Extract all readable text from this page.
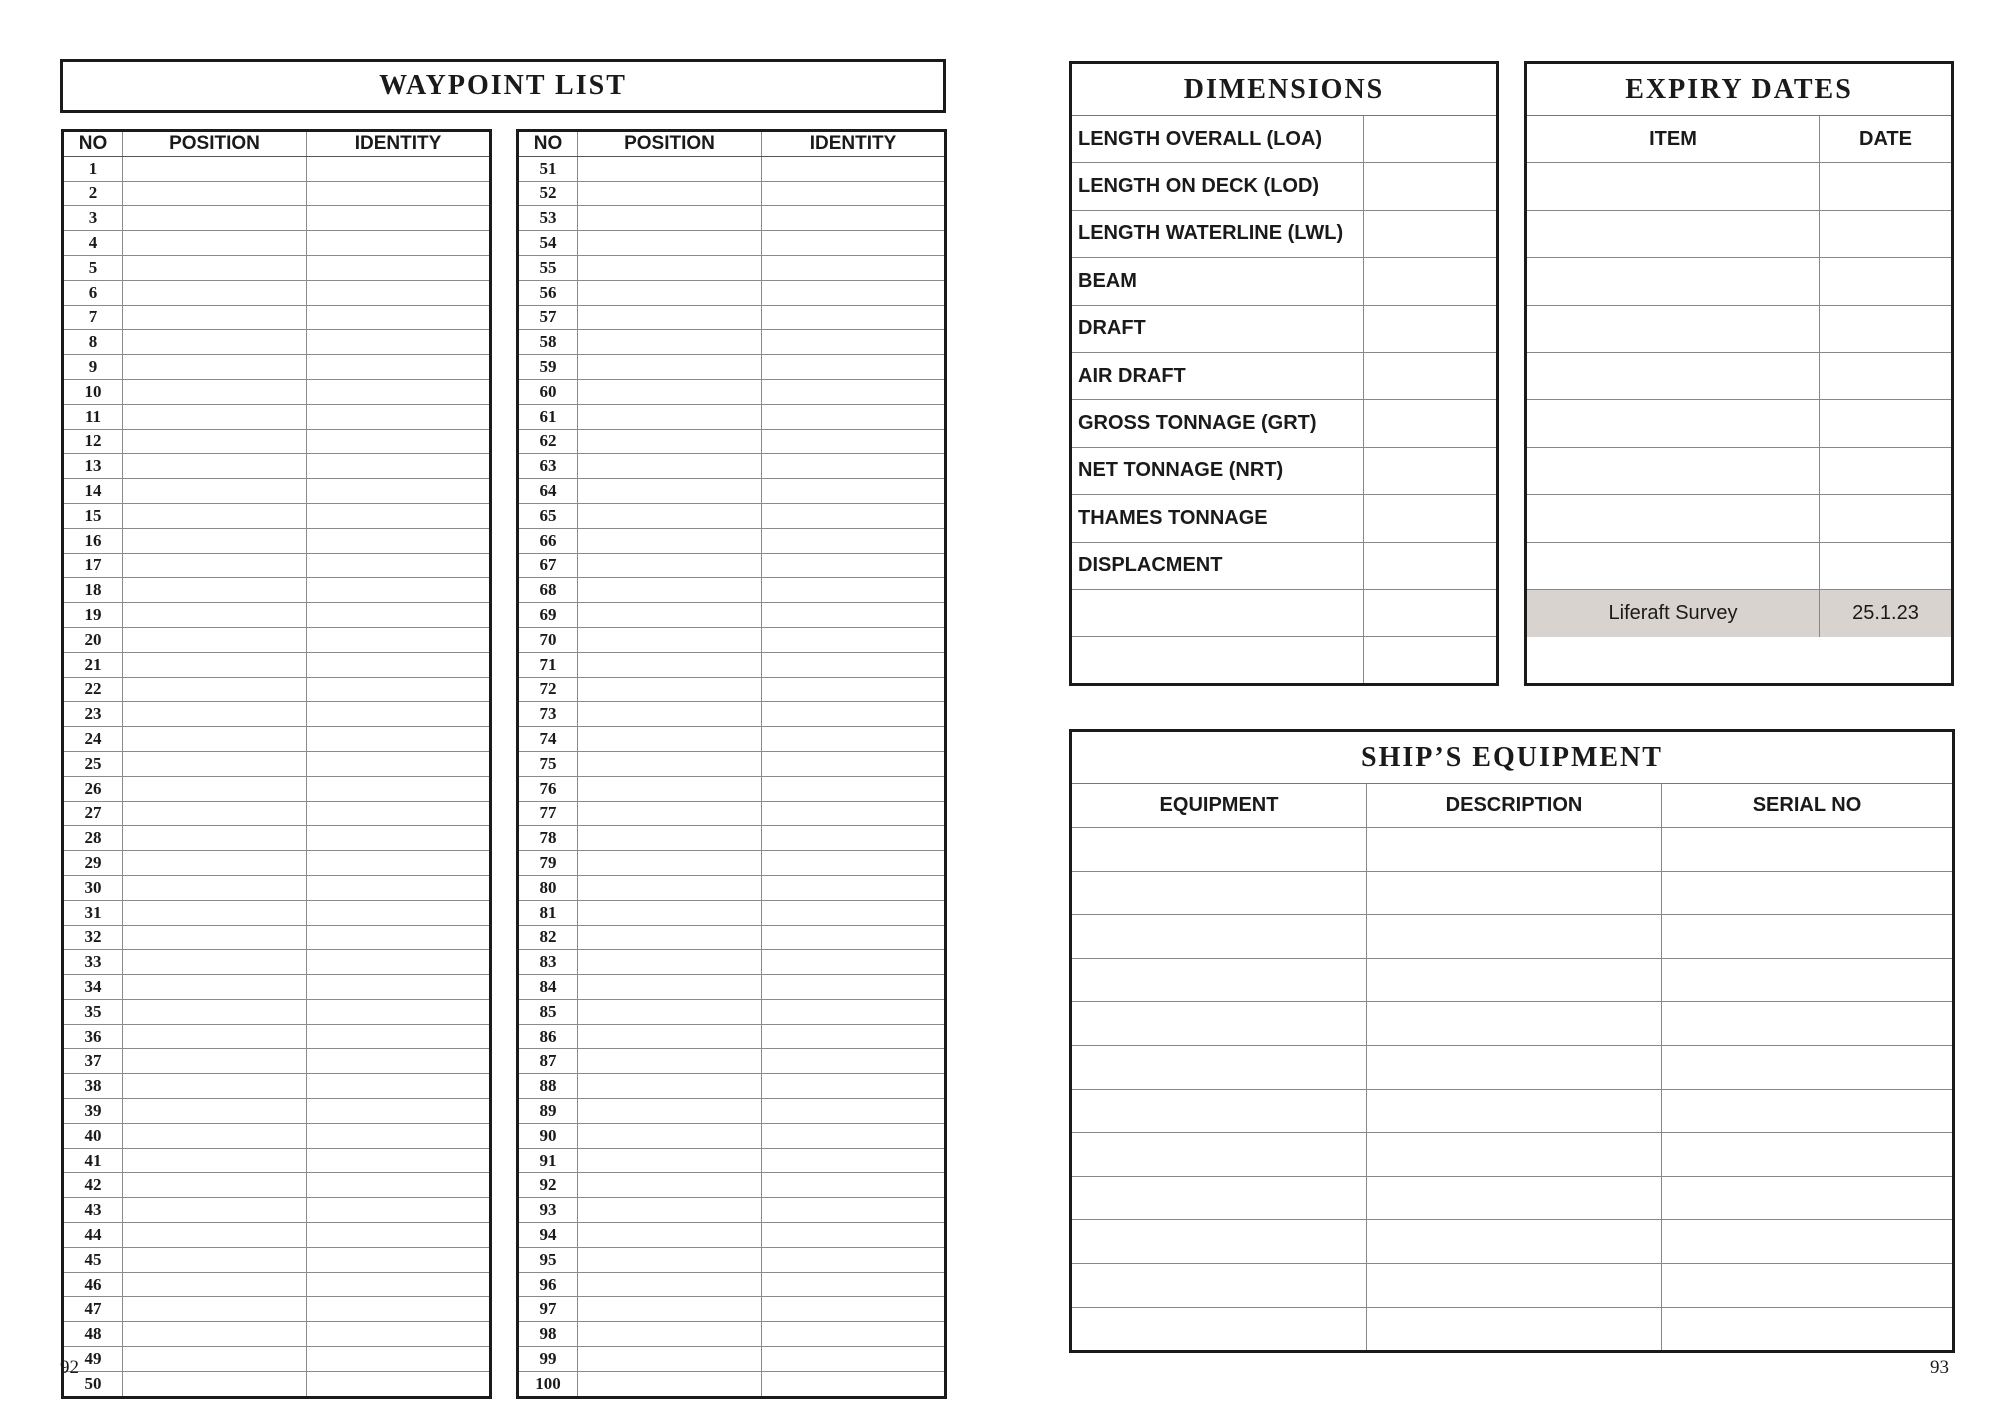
WAYPOINT LIST
NO	POSITION	IDENTITY
1		
2		
3		
4		
5		
6		
7		
8		
9		
10		
11		
12		
13		
14		
15		
16		
17		
18		
19		
20		
21		
22		
23		
24		
25		
26		
27		
28		
29		
30		
31		
32		
33		
34		
35		
36		
37		
38		
39		
40		
41		
42		
43		
44		
45		
46		
47		
48		
49		
50		
NO	POSITION	IDENTITY
51		
52		
53		
54		
55		
56		
57		
58		
59		
60		
61		
62		
63		
64		
65		
66		
67		
68		
69		
70		
71		
72		
73		
74		
75		
76		
77		
78		
79		
80		
81		
82		
83		
84		
85		
86		
87		
88		
89		
90		
91		
92		
93		
94		
95		
96		
97		
98		
99		
100		
DIMENSIONS
LENGTH OVERALL (LOA)
LENGTH ON DECK (LOD)
LENGTH WATERLINE (LWL)
BEAM
DRAFT
AIR DRAFT
GROSS TONNAGE (GRT)
NET TONNAGE (NRT)
THAMES TONNAGE
DISPLACMENT
EXPIRY DATES
ITEM	DATE
Liferaft Survey	25.1.23
SHIP’S EQUIPMENT
EQUIPMENT	DESCRIPTION	SERIAL NO
92	93
